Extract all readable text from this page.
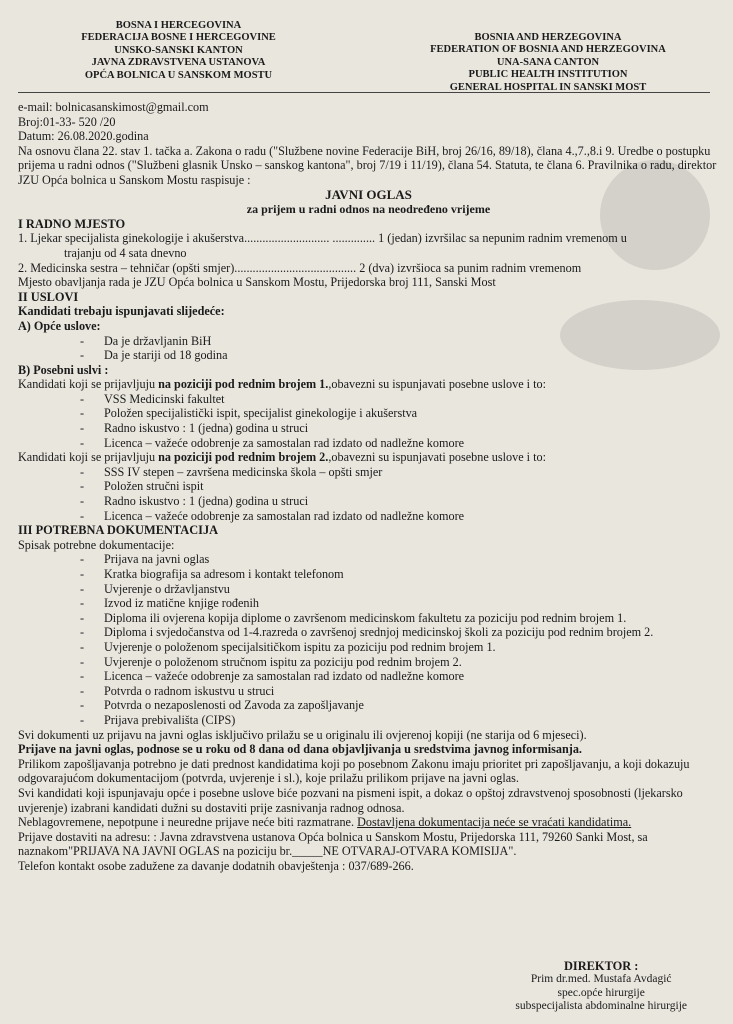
BOSNA I HERCEGOVINA
FEDERACIJA BOSNE I HERCEGOVINE
UNSKO-SANSKI KANTON
JAVNA ZDRAVSTVENA USTANOVA
OPĆA BOLNICA U SANSKOM MOSTU
BOSNIA AND HERZEGOVINA
FEDERATION OF BOSNIA AND HERZEGOVINA
UNA-SANA CANTON
PUBLIC HEALTH INSTITUTION
GENERAL HOSPITAL IN SANSKI MOST

e-mail: bolnicasanskimost@gmail.com

Broj:01-33- 520 /20

Datum: 26.08.2020.godina

Na osnovu člana 22. stav 1. tačka a. Zakona o radu ("Službene novine Federacije BiH, broj 26/16, 89/18), člana 4.,7.,8.i 9. Uredbe o postupku prijema u radni odnos ("Službeni glasnik Unsko – sanskog kantona", broj 7/19 i 11/19), člana 54. Statuta, te člana 6. Pravilnika o radu, direktor JZU Opća bolnica u Sanskom Mostu raspisuje :

JAVNI OGLAS

za prijem u radni odnos na neodređeno vrijeme

I RADNO MJESTO

1. Ljekar specijalista ginekologije i akušerstva............................ .............. 1 (jedan) izvršilac sa nepunim radnim vremenom u

trajanju od 4 sata dnevno

2. Medicinska sestra – tehničar (opšti smjer)........................................ 2 (dva) izvršioca sa punim radnim vremenom

Mjesto obavljanja rada je JZU Opća bolnica u Sanskom Mostu, Prijedorska broj 111, Sanski Most

II USLOVI

Kandidati trebaju ispunjavati slijedeće:

A) Opće uslove:

- Da je državljanin BiH
- Da je stariji od 18 godina

B) Posebni uslvi :

Kandidati koji se prijavljuju na poziciji pod rednim brojem 1.,obavezni su ispunjavati posebne uslove i to:

- VSS Medicinski fakultet
- Položen specijalistički ispit, specijalist ginekologije i akušerstva
- Radno iskustvo : 1 (jedna) godina u struci
- Licenca – važeće odobrenje za samostalan rad izdato od nadležne komore

Kandidati koji se prijavljuju na poziciji pod rednim brojem 2.,obavezni su ispunjavati posebne uslove i to:

- SSS IV stepen – završena medicinska škola – opšti smjer
- Položen stručni ispit
- Radno iskustvo : 1 (jedna) godina u struci
- Licenca – važeće odobrenje za samostalan rad izdato od nadležne komore

III POTREBNA DOKUMENTACIJA

Spisak potrebne dokumentacije:

- Prijava na javni oglas
- Kratka biografija sa adresom i kontakt telefonom
- Uvjerenje o državljanstvu
- Izvod iz matične knjige rođenih
- Diploma ili ovjerena kopija diplome o završenom medicinskom fakultetu za poziciju pod rednim brojem 1.
- Diploma i svjedočanstva od 1-4.razreda o završenoj srednjoj medicinskoj školi za poziciju pod rednim brojem 2.
- Uvjerenje o položenom specijalsitičkom ispitu za poziciju pod rednim brojem 1.
- Uvjerenje o položenom stručnom ispitu za poziciju pod rednim brojem 2.
- Licenca – važeće odobrenje za samostalan rad izdato od nadležne komore
- Potvrda o radnom iskustvu u struci
- Potvrda o nezaposlenosti od Zavoda za zapošljavanje
- Prijava prebivališta (CIPS)

Svi dokumenti uz prijavu na javni oglas isključivo prilažu se u originalu ili ovjerenoj kopiji (ne starija od 6 mjeseci).

Prijave na javni oglas, podnose se u roku od 8 dana od dana objavljivanja u sredstvima javnog informisanja.

Prilikom zapošljavanja potrebno je dati prednost kandidatima koji po posebnom Zakonu imaju prioritet pri zapošljavanju, a koji dokazuju odgovarajućom dokumentacijom (potvrda, uvjerenje i sl.), koje prilažu prilikom prijave na javni oglas.

Svi kandidati koji ispunjavaju opće i posebne uslove biće pozvani na pismeni ispit, a dokaz o opštoj zdravstvenoj sposobnosti (ljekarsko uvjerenje) izabrani kandidati dužni su dostaviti prije zasnivanja radnog odnosa.

Neblagovremene, nepotpune i neuredne prijave neće biti razmatrane. Dostavljena dokumentacija neće se vraćati kandidatima.

Prijave dostaviti na adresu: : Javna zdravstvena ustanova Opća bolnica u Sanskom Mostu, Prijedorska 111, 79260 Sanki Most, sa naznakom"PRIJAVA NA JAVNI OGLAS na poziciju br._____NE OTVARAJ-OTVARA KOMISIJA".

Telefon kontakt osobe zadužene za davanje dodatnih obavještenja : 037/689-266.

DIREKTOR :
Prim dr.med. Mustafa Avdagić
spec.opće hirurgije
subspecijalista abdominalne hirurgije
